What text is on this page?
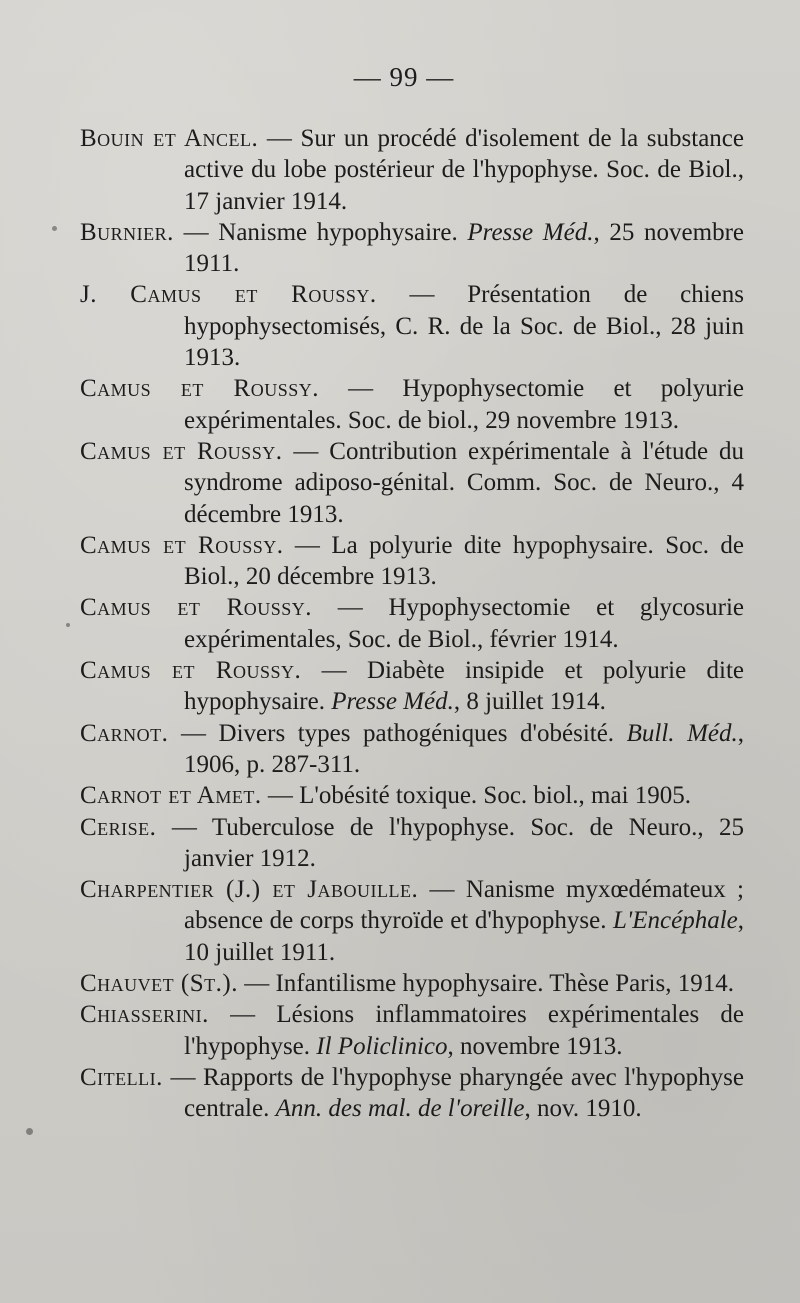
— 99 —
Bouin et Ancel. — Sur un procédé d'isolement de la substance active du lobe postérieur de l'hypophyse. Soc. de Biol., 17 janvier 1914.
Burnier. — Nanisme hypophysaire. Presse Méd., 25 novembre 1911.
J. Camus et Roussy. — Présentation de chiens hypophysectomisés, C. R. de la Soc. de Biol., 28 juin 1913.
Camus et Roussy. — Hypophysectomie et polyurie expérimentales. Soc. de biol., 29 novembre 1913.
Camus et Roussy. — Contribution expérimentale à l'étude du syndrome adiposo-génital. Comm. Soc. de Neuro., 4 décembre 1913.
Camus et Roussy. — La polyurie dite hypophysaire. Soc. de Biol., 20 décembre 1913.
Camus et Roussy. — Hypophysectomie et glycosurie expérimentales, Soc. de Biol., février 1914.
Camus et Roussy. — Diabète insipide et polyurie dite hypophysaire. Presse Méd., 8 juillet 1914.
Carnot. — Divers types pathogéniques d'obésité. Bull. Méd., 1906, p. 287-311.
Carnot et Amet. — L'obésité toxique. Soc. biol., mai 1905.
Cerise. — Tuberculose de l'hypophyse. Soc. de Neuro., 25 janvier 1912.
Charpentier (J.) et Jabouille. — Nanisme myxœdémateux ; absence de corps thyroïde et d'hypophyse. L'Encéphale, 10 juillet 1911.
Chauvet (St.). — Infantilisme hypophysaire. Thèse Paris, 1914.
Chiasserini. — Lésions inflammatoires expérimentales de l'hypophyse. Il Policlinico, novembre 1913.
Citelli. — Rapports de l'hypophyse pharyngée avec l'hypophyse centrale. Ann. des mal. de l'oreille, nov. 1910.
